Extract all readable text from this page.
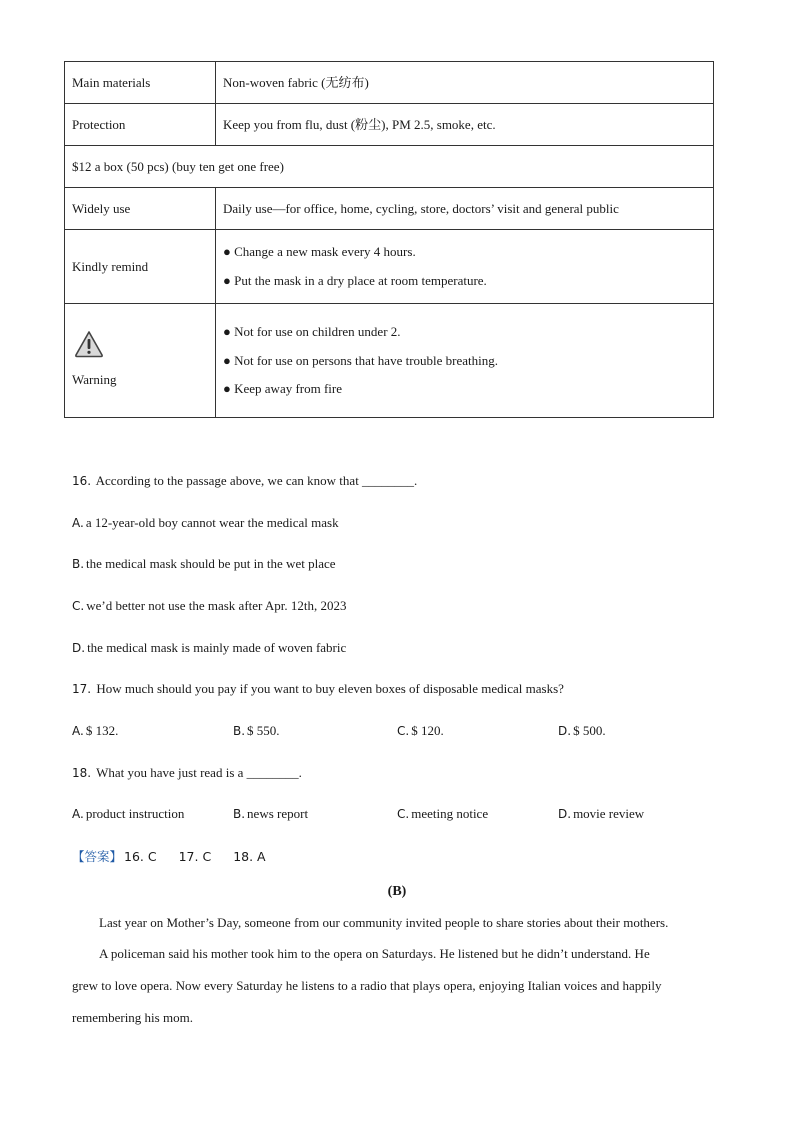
Main materials	Non-woven fabric (无纺布)
Protection	Keep you from flu, dust (粉尘), PM 2.5, smoke, etc.
$12 a box (50 pcs) (buy ten get one free)	
Widely use	Daily use—for office, home, cycling, store, doctors’ visit and general public
Kindly remind	● Change a new mask every 4 hours.

● Put the mask in a dry place at room temperature.

Warning	● Not for use on children under 2.

● Not for use on persons that have trouble breathing.

● Keep away from fire

16. According to the passage above, we can know that ________.
A. a 12-year-old boy cannot wear the medical mask
B. the medical mask should be put in the wet place
C. we’d better not use the mask after Apr. 12th, 2023
D. the medical mask is mainly made of woven fabric
17. How much should you pay if you want to buy eleven boxes of disposable medical masks?
A. $ 132.	B. $ 550.	C. $ 120.	D. $ 500.
18. What you have just read is a ________.
A. product instruction	B. news report	C. meeting notice	D. movie review
【答案】 16. C 17. C 18. A
(B)
Last year on Mother’s Day, someone from our community invited people to share stories about their mothers.
A policeman said his mother took him to the opera on Saturdays. He listened but he didn’t understand. He
grew to love opera. Now every Saturday he listens to a radio that plays opera, enjoying Italian voices and happily
remembering his mom.
